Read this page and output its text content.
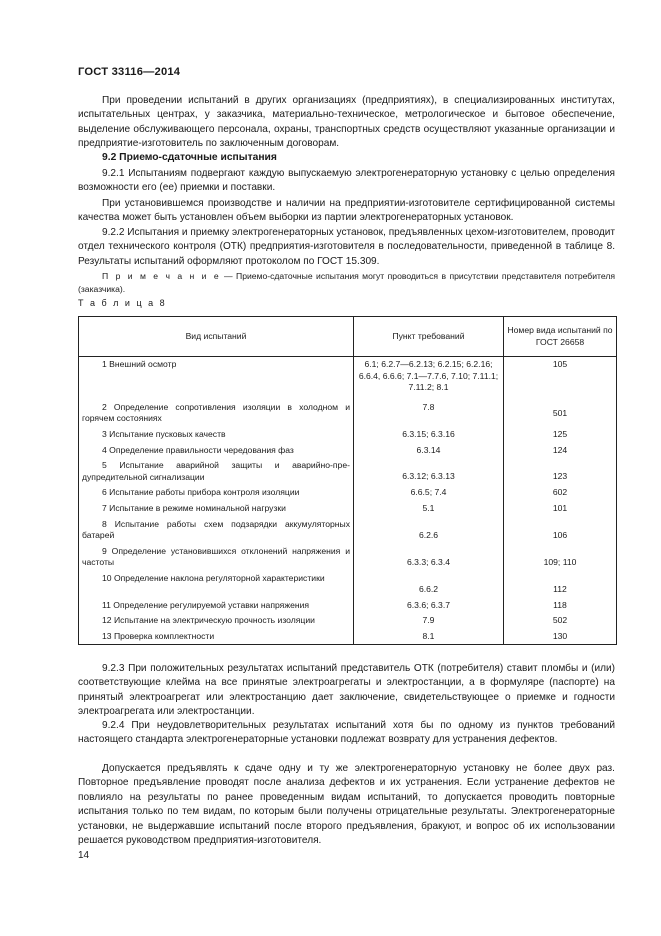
ГОСТ 33116—2014

При проведении испытаний в других организациях (предприятиях), в специализированных институтах, испытательных центрах, у заказчика, материально-техническое, метрологическое и бытовое обеспечение, выделение обслуживающего персонала, охраны, транспортных средств осуществляют указанные организации и предприятие-изготовитель по заключенным договорам.

9.2 Приемо-сдаточные испытания

9.2.1 Испытаниям подвергают каждую выпускаемую электрогенераторную установку с целью определения возможности его (ее) приемки и поставки.

При установившемся производстве и наличии на предприятии-изготовителе сертифицированной системы качества может быть установлен объем выборки из партии электрогенераторных установок.

9.2.2 Испытания и приемку электрогенераторных установок, предъявленных цехом-изготовителем, проводит отдел технического контроля (ОТК) предприятия-изготовителя в последовательности, приведенной в таблице 8. Результаты испытаний оформляют протоколом по ГОСТ 15.309.

П р и м е ч а н и е — Приемо-сдаточные испытания могут проводиться в присутствии представителя потребителя (заказчика).

Т а б л и ц а 8
Вид испытаний	Пункт требований	Номер вида испытаний по ГОСТ 26658
1 Внешний осмотр	6.1; 6.2.7—6.2.13; 6.2.15; 6.2.16; 6.6.4, 6.6.6; 7.1—7.7.6, 7.10; 7.11.1; 7.11.2; 8.1	105
2 Определение сопротивления изоляции в холодном и горячем состояниях	7.8	501
3 Испытание пусковых качеств	6.3.15; 6.3.16	125
4 Определение правильности чередования фаз	6.3.14	124
5 Испытание аварийной защиты и аварийно-предупредительной сигнализации	6.3.12; 6.3.13	123
6 Испытание работы прибора контроля изоляции	6.6.5; 7.4	602
7 Испытание в режиме номинальной нагрузки	5.1	101
8 Испытание работы схем подзарядки аккумуляторных батарей	6.2.6	106
9 Определение установившихся отклонений напряжения и частоты	6.3.3; 6.3.4	109; 110
10 Определение наклона регуляторной характеристики	6.6.2	112
11 Определение регулируемой уставки напряжения	6.3.6; 6.3.7	118
12 Испытание на электрическую прочность изоляции	7.9	502
13 Проверка комплектности	8.1	130

9.2.3 При положительных результатах испытаний представитель ОТК (потребителя) ставит пломбы и (или) соответствующие клейма на все принятые электроагрегаты и электростанции, а в формуляре (паспорте) на принятый электроагрегат или электростанцию дает заключение, свидетельствующее о приемке и годности электроагрегата или электростанции.

9.2.4 При неудовлетворительных результатах испытаний хотя бы по одному из пунктов требований настоящего стандарта электрогенераторные установки подлежат возврату для устранения дефектов.

Допускается предъявлять к сдаче одну и ту же электрогенераторную установку не более двух раз. Повторное предъявление проводят после анализа дефектов и их устранения. Если устранение дефектов не повлияло на результаты по ранее проведенным видам испытаний, то допускается проводить повторные испытания только по тем видам, по которым были получены отрицательные результаты. Электрогенераторные установки, не выдержавшие испытаний после второго предъявления, бракуют, и вопрос об их использовании решается руководством предприятия-изготовителя.

14
